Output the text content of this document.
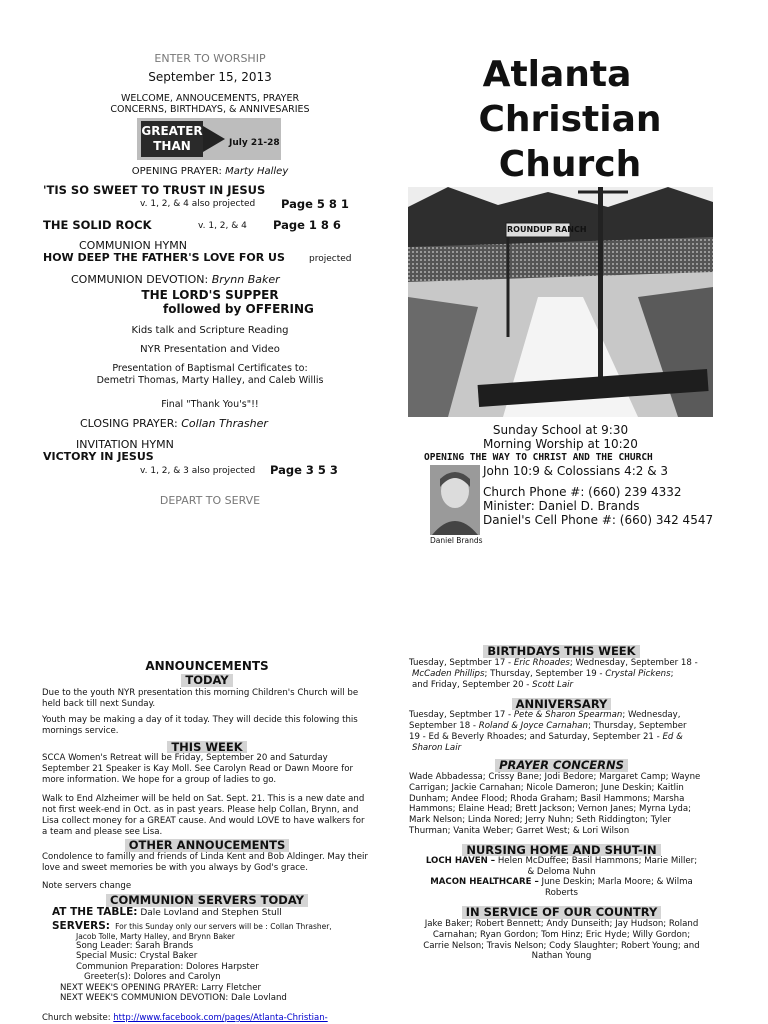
ENTER TO WORSHIP
September 15, 2013
WELCOME, ANNOUCEMENTS, PRAYER
CONCERNS, BIRTHDAYS, & ANNIVESARIES
GREATER THAN	July 21-28
OPENING PRAYER: Marty Halley
'TIS SO SWEET TO TRUST IN JESUS
v. 1, 2, & 4 also projected Page 5 8 1
THE SOLID ROCK	v. 1, 2, & 4 Page 1 8 6
COMMUNION HYMN
HOW DEEP THE FATHER'S LOVE FOR US	projected
COMMUNION DEVOTION: Brynn Baker
THE LORD'S SUPPER
followed by OFFERING
Kids talk and Scripture Reading
NYR Presentation and Video
Presentation of Baptismal Certificates to:
Demetri Thomas, Marty Halley, and Caleb Willis
Final "Thank You's"!!
CLOSING PRAYER: Collan Thrasher
INVITATION HYMN
VICTORY IN JESUS
v. 1, 2, & 3 also projected Page 3 5 3
DEPART TO SERVE
Atlanta
Christian
Church
ROUNDUP RANCH
Sunday School at 9:30
Morning Worship at 10:20
OPENING THE WAY TO CHRIST AND THE CHURCH
Daniel Brands
John 10:9 & Colossians 4:2 & 3
Church Phone #: (660) 239 4332
Minister: Daniel D. Brands
Daniel's Cell Phone #: (660) 342 4547
ANNOUNCEMENTS
TODAY
Due to the youth NYR presentation this morning Children's Church will be held back till next Sunday.
Youth may be making a day of it today. They will decide this folowing this mornings service.
THIS WEEK
SCCA Women's Retreat will be Friday, September 20 and Saturday September 21 Speaker is Kay Moll. See Carolyn Read or Dawn Moore for more information. We hope for a group of ladies to go.
Walk to End Alzheimer will be held on Sat. Sept. 21. This is a new date and not first week-end in Oct. as in past years. Please help Collan, Brynn, and Lisa collect money for a GREAT cause. And would LOVE to have walkers for a team and please see Lisa.
OTHER ANNOUCEMENTS
Condolence to familly and friends of Linda Kent and Bob Aldinger. May their love and sweet memories be with you always by God's grace.
Note servers change
COMMUNION SERVERS TODAY
AT THE TABLE: Dale Lovland and Stephen Stull
SERVERS: For this Sunday only our servers will be : Collan Thrasher,
Jacob Tolle, Marty Halley, and Brynn Baker
Song Leader: Sarah Brands
Special Music: Crystal Baker
Communion Preparation: Dolores Harpster
Greeter(s): Dolores and Carolyn
NEXT WEEK'S OPENING PRAYER: Larry Fletcher
NEXT WEEK'S COMMUNION DEVOTION: Dale Lovland
Church website: http://www.facebook.com/pages/Atlanta-Christian-
BIRTHDAYS THIS WEEK
Tuesday, Septmber 17 - Eric Rhoades; Wednesday, September 18 -
McCaden Phillips; Thursday, September 19 - Crystal Pickens;
and Friday, September 20 - Scott Lair
ANNIVERSARY
Tuesday, Septmber 17 - Pete & Sharon Spearman; Wednesday,
September 18 - Roland & Joyce Carnahan; Thursday, September
19 - Ed & Beverly Rhoades; and Saturday, September 21 - Ed &
Sharon Lair
PRAYER CONCERNS
Wade Abbadessa; Crissy Bane; Jodi Bedore; Margaret Camp; Wayne Carrigan; Jackie Carnahan; Nicole Dameron; June Deskin; Kaitlin Dunham; Andee Flood; Rhoda Graham; Basil Hammons; Marsha Hammons; Elaine Head; Brett Jackson; Vernon Janes; Myrna Lyda; Mark Nelson; Linda Nored; Jerry Nuhn; Seth Riddington; Tyler Thurman; Vanita Weber; Garret West; & Lori Wilson
NURSING HOME AND SHUT-IN
LOCH HAVEN – Helen McDuffee; Basil Hammons; Marie Miller;
& Deloma Nuhn
MACON HEALTHCARE – June Deskin; Marla Moore; & Wilma
Roberts
IN SERVICE OF OUR COUNTRY
Jake Baker; Robert Bennett; Andy Dunseith; Jay Hudson; Roland Carnahan; Ryan Gordon; Tom Hinz; Eric Hyde; Willy Gordon; Carrie Nelson; Travis Nelson; Cody Slaughter; Robert Young; and Nathan Young
